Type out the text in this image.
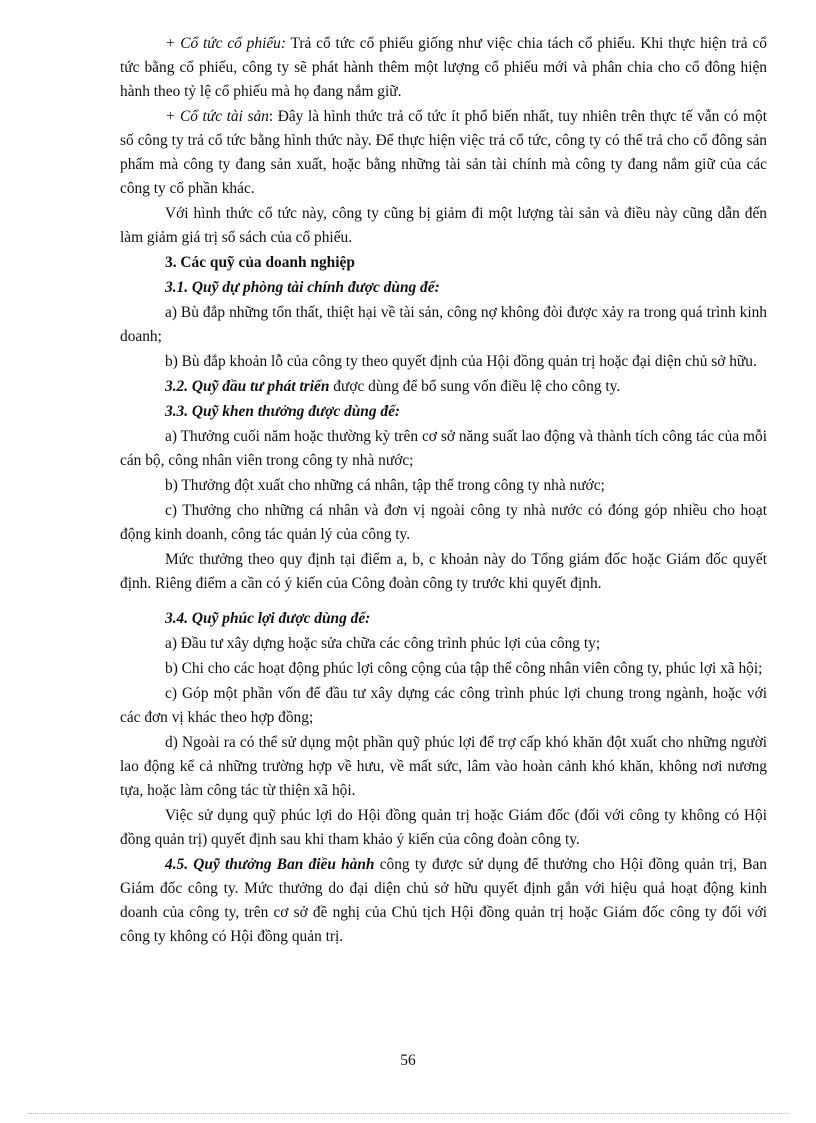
+ Cổ tức cổ phiếu: Trả cổ tức cổ phiếu giống như việc chia tách cổ phiếu. Khi thực hiện trả cổ tức bằng cổ phiếu, công ty sẽ phát hành thêm một lượng cổ phiếu mới và phân chia cho cổ đông hiện hành theo tỷ lệ cổ phiếu mà họ đang nắm giữ.

+ Cổ tức tài sản: Đây là hình thức trả cổ tức ít phổ biến nhất, tuy nhiên trên thực tế vẫn có một số công ty trả cổ tức bằng hình thức này. Để thực hiện việc trả cổ tức, công ty có thể trả cho cổ đông sản phẩm mà công ty đang sản xuất, hoặc bằng những tài sản tài chính mà công ty đang nắm giữ của các công ty cổ phần khác.

Với hình thức cổ tức này, công ty cũng bị giảm đi một lượng tài sản và điều này cũng dẫn đến làm giảm giá trị sổ sách của cổ phiếu.

3. Các quỹ của doanh nghiệp
3.1. Quỹ dự phòng tài chính được dùng để:

a) Bù đắp những tổn thất, thiệt hại về tài sản, công nợ không đòi được xảy ra trong quá trình kinh doanh;

b) Bù đắp khoản lỗ của công ty theo quyết định của Hội đồng quản trị hoặc đại diện chủ sở hữu.

3.2. Quỹ đầu tư phát triển được dùng để bổ sung vốn điều lệ cho công ty.

3.3. Quỹ khen thưởng được dùng để:

a) Thưởng cuối năm hoặc thường kỳ trên cơ sở năng suất lao động và thành tích công tác của mỗi cán bộ, công nhân viên trong công ty nhà nước;

b) Thưởng đột xuất cho những cá nhân, tập thể trong công ty nhà nước;

c) Thưởng cho những cá nhân và đơn vị ngoài công ty nhà nước có đóng góp nhiều cho hoạt động kinh doanh, công tác quản lý của công ty.

Mức thưởng theo quy định tại điểm a, b, c khoản này do Tổng giám đốc hoặc Giám đốc quyết định. Riêng điểm a cần có ý kiến của Công đoàn công ty trước khi quyết định.

3.4. Quỹ phúc lợi được dùng để:

a) Đầu tư xây dựng hoặc sửa chữa các công trình phúc lợi của công ty;

b) Chi cho các hoạt động phúc lợi công cộng của tập thể công nhân viên công ty, phúc lợi xã hội;

c) Góp một phần vốn để đầu tư xây dựng các công trình phúc lợi chung trong ngành, hoặc với các đơn vị khác theo hợp đồng;

d) Ngoài ra có thể sử dụng một phần quỹ phúc lợi để trợ cấp khó khăn đột xuất cho những người lao động kể cả những trường hợp về hưu, về mất sức, lâm vào hoàn cảnh khó khăn, không nơi nương tựa, hoặc làm công tác từ thiện xã hội.

Việc sử dụng quỹ phúc lợi do Hội đồng quản trị hoặc Giám đốc (đối với công ty không có Hội đồng quản trị) quyết định sau khi tham khảo ý kiến của công đoàn công ty.

4.5. Quỹ thưởng Ban điều hành công ty được sử dụng để thưởng cho Hội đồng quản trị, Ban Giám đốc công ty. Mức thưởng do đại diện chủ sở hữu quyết định gắn với hiệu quả hoạt động kinh doanh của công ty, trên cơ sở đề nghị của Chủ tịch Hội đồng quản trị hoặc Giám đốc công ty đối với công ty không có Hội đồng quản trị.

56
